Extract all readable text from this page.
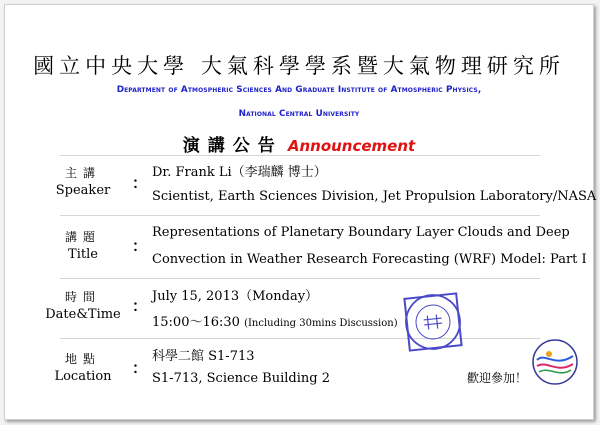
國立中央大學 大氣科學學系暨大氣物理研究所
Department of Atmospheric Sciences And Graduate Institute of Atmospheric Physics,
National Central University
演講公告 Announcement
主講
Speaker	：
Dr. Frank Li（李瑞麟 博士）
Scientist, Earth Sciences Division, Jet Propulsion Laboratory/NASA
講題
Title	：
Representations of Planetary Boundary Layer Clouds and Deep
Convection in Weather Research Forecasting (WRF) Model: Part I
時間
Date&Time ：
July 15, 2013（Monday）
15:00～16:30 (Including 30mins Discussion)
地點
Location	：
科學二館 S1-713
S1-713, Science Building 2	歡迎參加！
